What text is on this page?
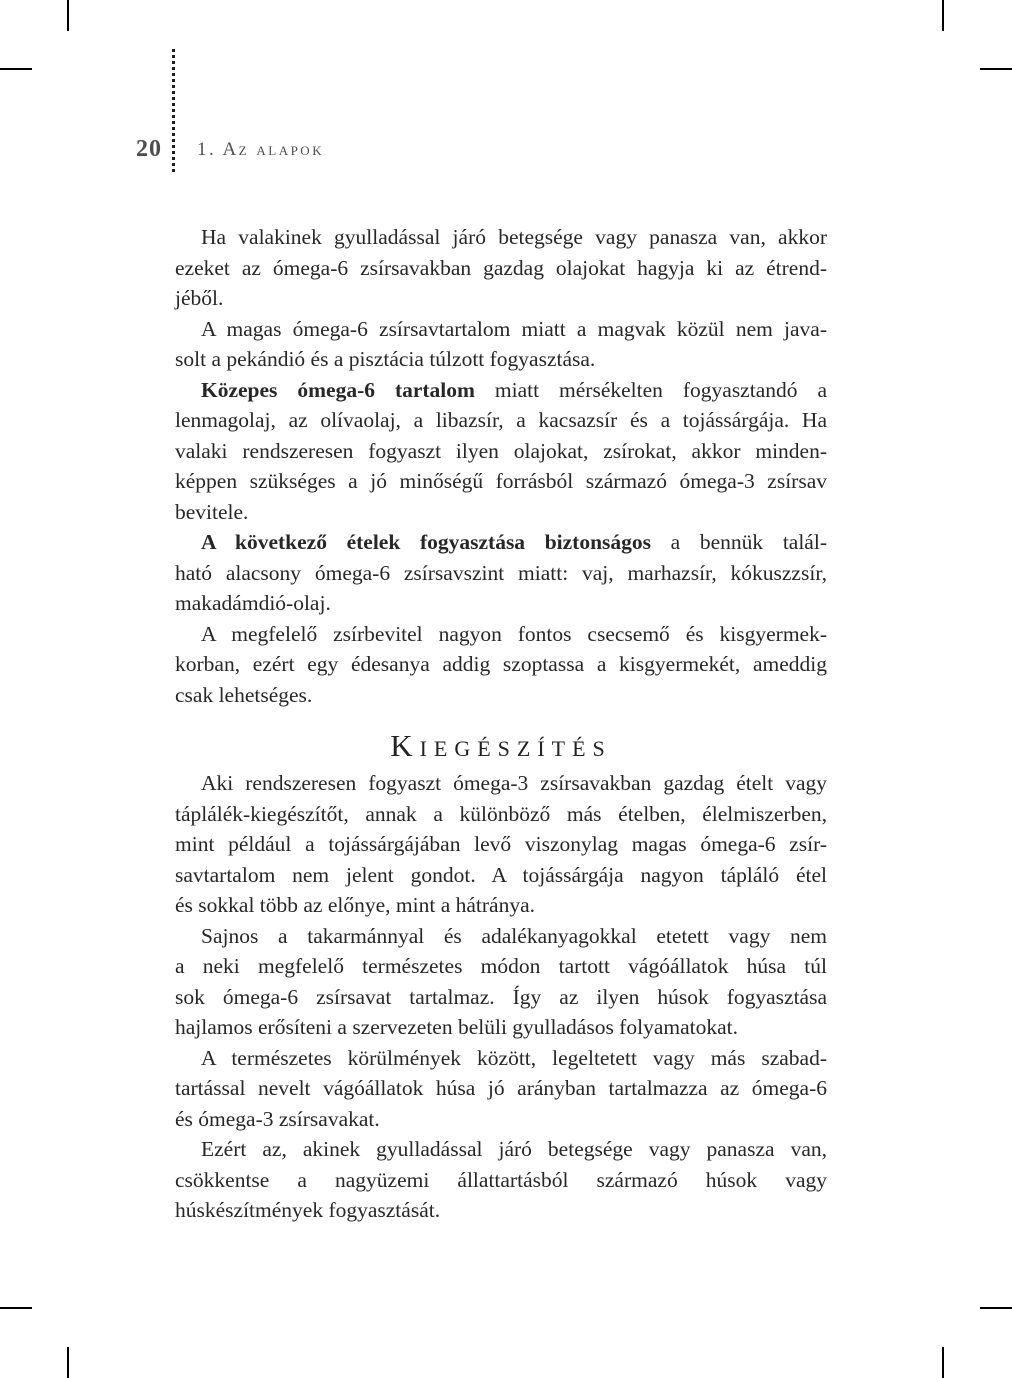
20 1. Az alapok
Ha valakinek gyulladással járó betegsége vagy panasza van, akkor
ezeket az ómega-6 zsírsavakban gazdag olajokat hagyja ki az étrend-
jéből.
A magas ómega-6 zsírsavtartalom miatt a magvak közül nem java-
solt a pekándió és a pisztácia túlzott fogyasztása.
Közepes ómega-6 tartalom miatt mérsékelten fogyasztandó a
lenmagolaj, az olívaolaj, a libazsír, a kacsazsír és a tojássárgája. Ha
valaki rendszeresen fogyaszt ilyen olajokat, zsírokat, akkor minden-
képpen szükséges a jó minőségű forrásból származó ómega-3 zsírsav
bevitele.
A következő ételek fogyasztása biztonságos a bennük talál-
ható alacsony ómega-6 zsírsavszint miatt: vaj, marhazsír, kókuszzsír,
makadámdió-olaj.
A megfelelő zsírbevitel nagyon fontos csecsemő és kisgyermek-
korban, ezért egy édesanya addig szoptassa a kisgyermekét, ameddig
csak lehetséges.
Kiegészítés
Aki rendszeresen fogyaszt ómega-3 zsírsavakban gazdag ételt vagy
táplálék-kiegészítőt, annak a különböző más ételben, élelmiszerben,
mint például a tojássárgájában levő viszonylag magas ómega-6 zsír-
savtartalom nem jelent gondot. A tojássárgája nagyon tápláló étel
és sokkal több az előnye, mint a hátránya.
Sajnos a takarmánnyal és adalékanyagokkal etetett vagy nem
a neki megfelelő természetes módon tartott vágóállatok húsa túl
sok ómega-6 zsírsavat tartalmaz. Így az ilyen húsok fogyasztása
hajlamos erősíteni a szervezeten belüli gyulladásos folyamatokat.
A természetes körülmények között, legeltetett vagy más szabad-
tartással nevelt vágóállatok húsa jó arányban tartalmazza az ómega-6
és ómega-3 zsírsavakat.
Ezért az, akinek gyulladással járó betegsége vagy panasza van,
csökkentse a nagyüzemi állattartásból származó húsok vagy
húskészítmények fogyasztását.
